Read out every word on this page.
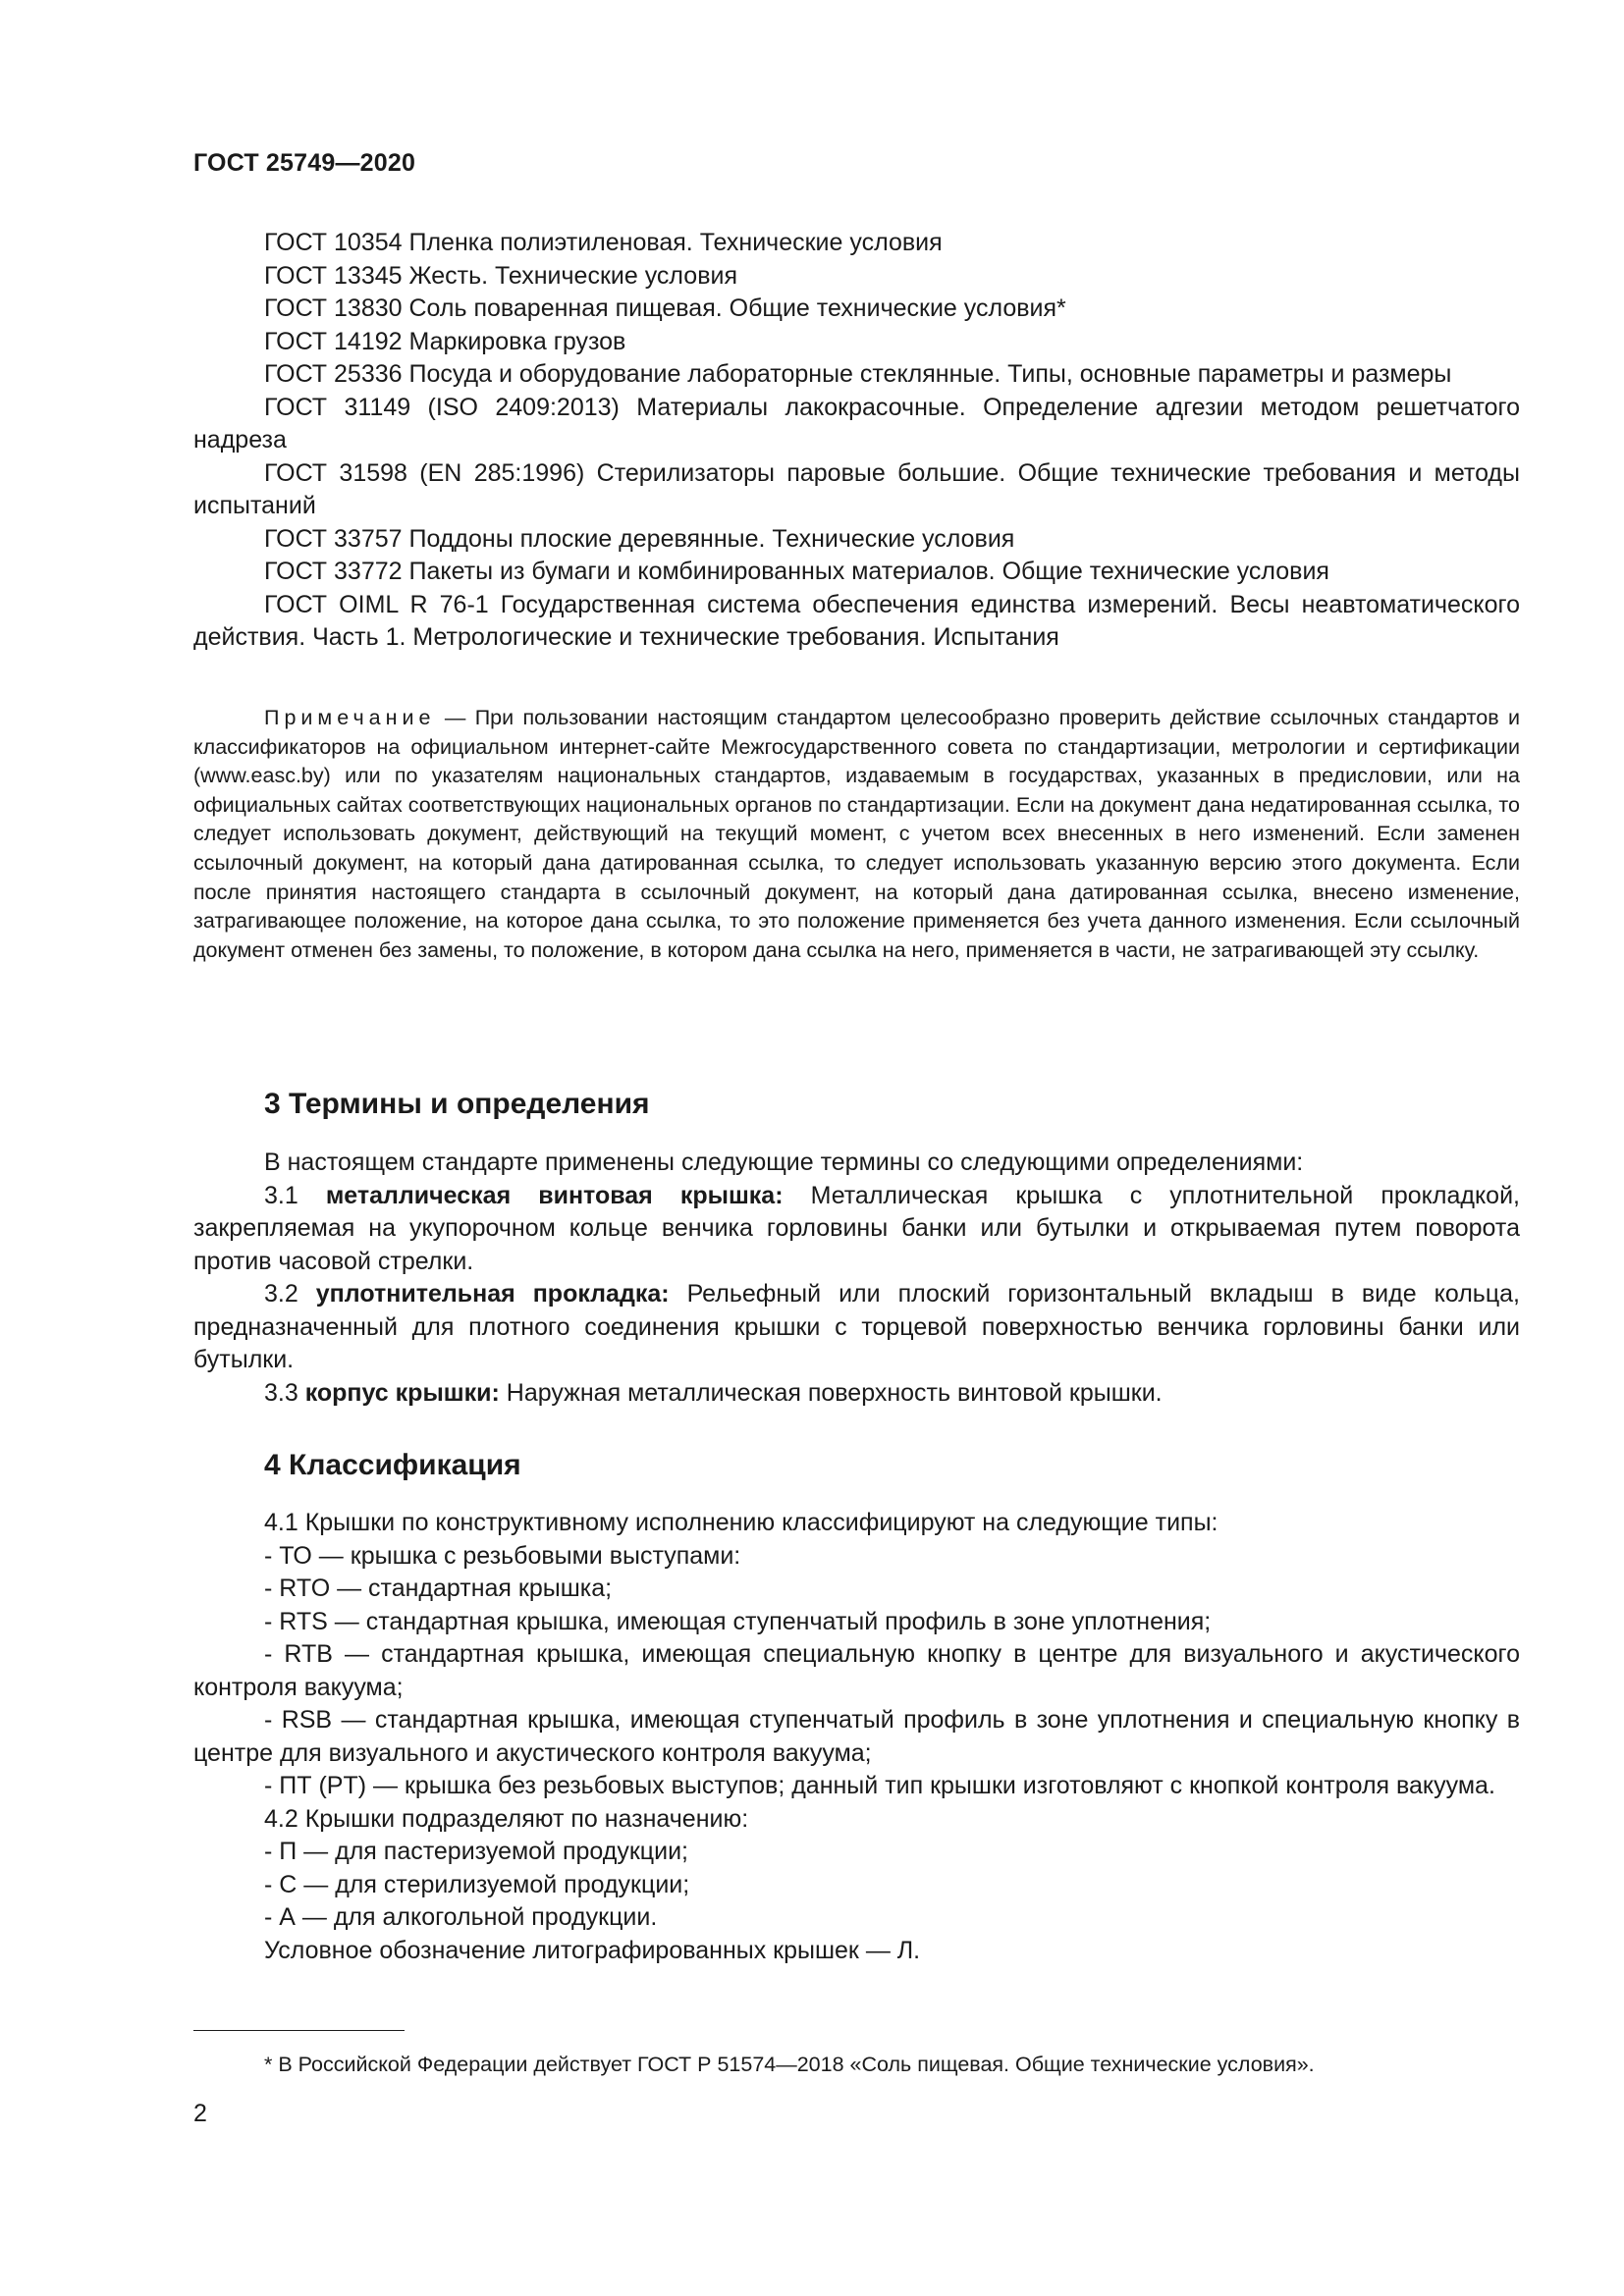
ГОСТ 25749—2020

ГОСТ 10354 Пленка полиэтиленовая. Технические условия

ГОСТ 13345 Жесть. Технические условия

ГОСТ 13830 Соль поваренная пищевая. Общие технические условия*

ГОСТ 14192 Маркировка грузов

ГОСТ 25336 Посуда и оборудование лабораторные стеклянные. Типы, основные параметры и размеры

ГОСТ 31149 (ISO 2409:2013) Материалы лакокрасочные. Определение адгезии методом решетчатого надреза

ГОСТ 31598 (EN 285:1996) Стерилизаторы паровые большие. Общие технические требования и методы испытаний

ГОСТ 33757 Поддоны плоские деревянные. Технические условия

ГОСТ 33772 Пакеты из бумаги и комбинированных материалов. Общие технические условия

ГОСТ OIML R 76-1 Государственная система обеспечения единства измерений. Весы неавтоматического действия. Часть 1. Метрологические и технические требования. Испытания

Примечание — При пользовании настоящим стандартом целесообразно проверить действие ссылочных стандартов и классификаторов на официальном интернет-сайте Межгосударственного совета по стандартизации, метрологии и сертификации (www.easc.by) или по указателям национальных стандартов, издаваемым в государствах, указанных в предисловии, или на официальных сайтах соответствующих национальных органов по стандартизации. Если на документ дана недатированная ссылка, то следует использовать документ, действующий на текущий момент, с учетом всех внесенных в него изменений. Если заменен ссылочный документ, на который дана датированная ссылка, то следует использовать указанную версию этого документа. Если после принятия настоящего стандарта в ссылочный документ, на который дана датированная ссылка, внесено изменение, затрагивающее положение, на которое дана ссылка, то это положение применяется без учета данного изменения. Если ссылочный документ отменен без замены, то положение, в котором дана ссылка на него, применяется в части, не затрагивающей эту ссылку.

3 Термины и определения

В настоящем стандарте применены следующие термины со следующими определениями:

3.1 металлическая винтовая крышка: Металлическая крышка с уплотнительной прокладкой, закрепляемая на укупорочном кольце венчика горловины банки или бутылки и открываемая путем поворота против часовой стрелки.

3.2 уплотнительная прокладка: Рельефный или плоский горизонтальный вкладыш в виде кольца, предназначенный для плотного соединения крышки с торцевой поверхностью венчика горловины банки или бутылки.

3.3 корпус крышки: Наружная металлическая поверхность винтовой крышки.

4 Классификация

4.1 Крышки по конструктивному исполнению классифицируют на следующие типы:

- ТО — крышка с резьбовыми выступами:

- RTO — стандартная крышка;

- RTS — стандартная крышка, имеющая ступенчатый профиль в зоне уплотнения;

- RTB — стандартная крышка, имеющая специальную кнопку в центре для визуального и акустического контроля вакуума;

- RSB — стандартная крышка, имеющая ступенчатый профиль в зоне уплотнения и специальную кнопку в центре для визуального и акустического контроля вакуума;

- ПТ (PT) — крышка без резьбовых выступов; данный тип крышки изготовляют с кнопкой контроля вакуума.

4.2 Крышки подразделяют по назначению:

- П — для пастеризуемой продукции;

- С — для стерилизуемой продукции;

- А — для алкогольной продукции.

Условное обозначение литографированных крышек — Л.

* В Российской Федерации действует ГОСТ Р 51574—2018 «Соль пищевая. Общие технические условия».
2
